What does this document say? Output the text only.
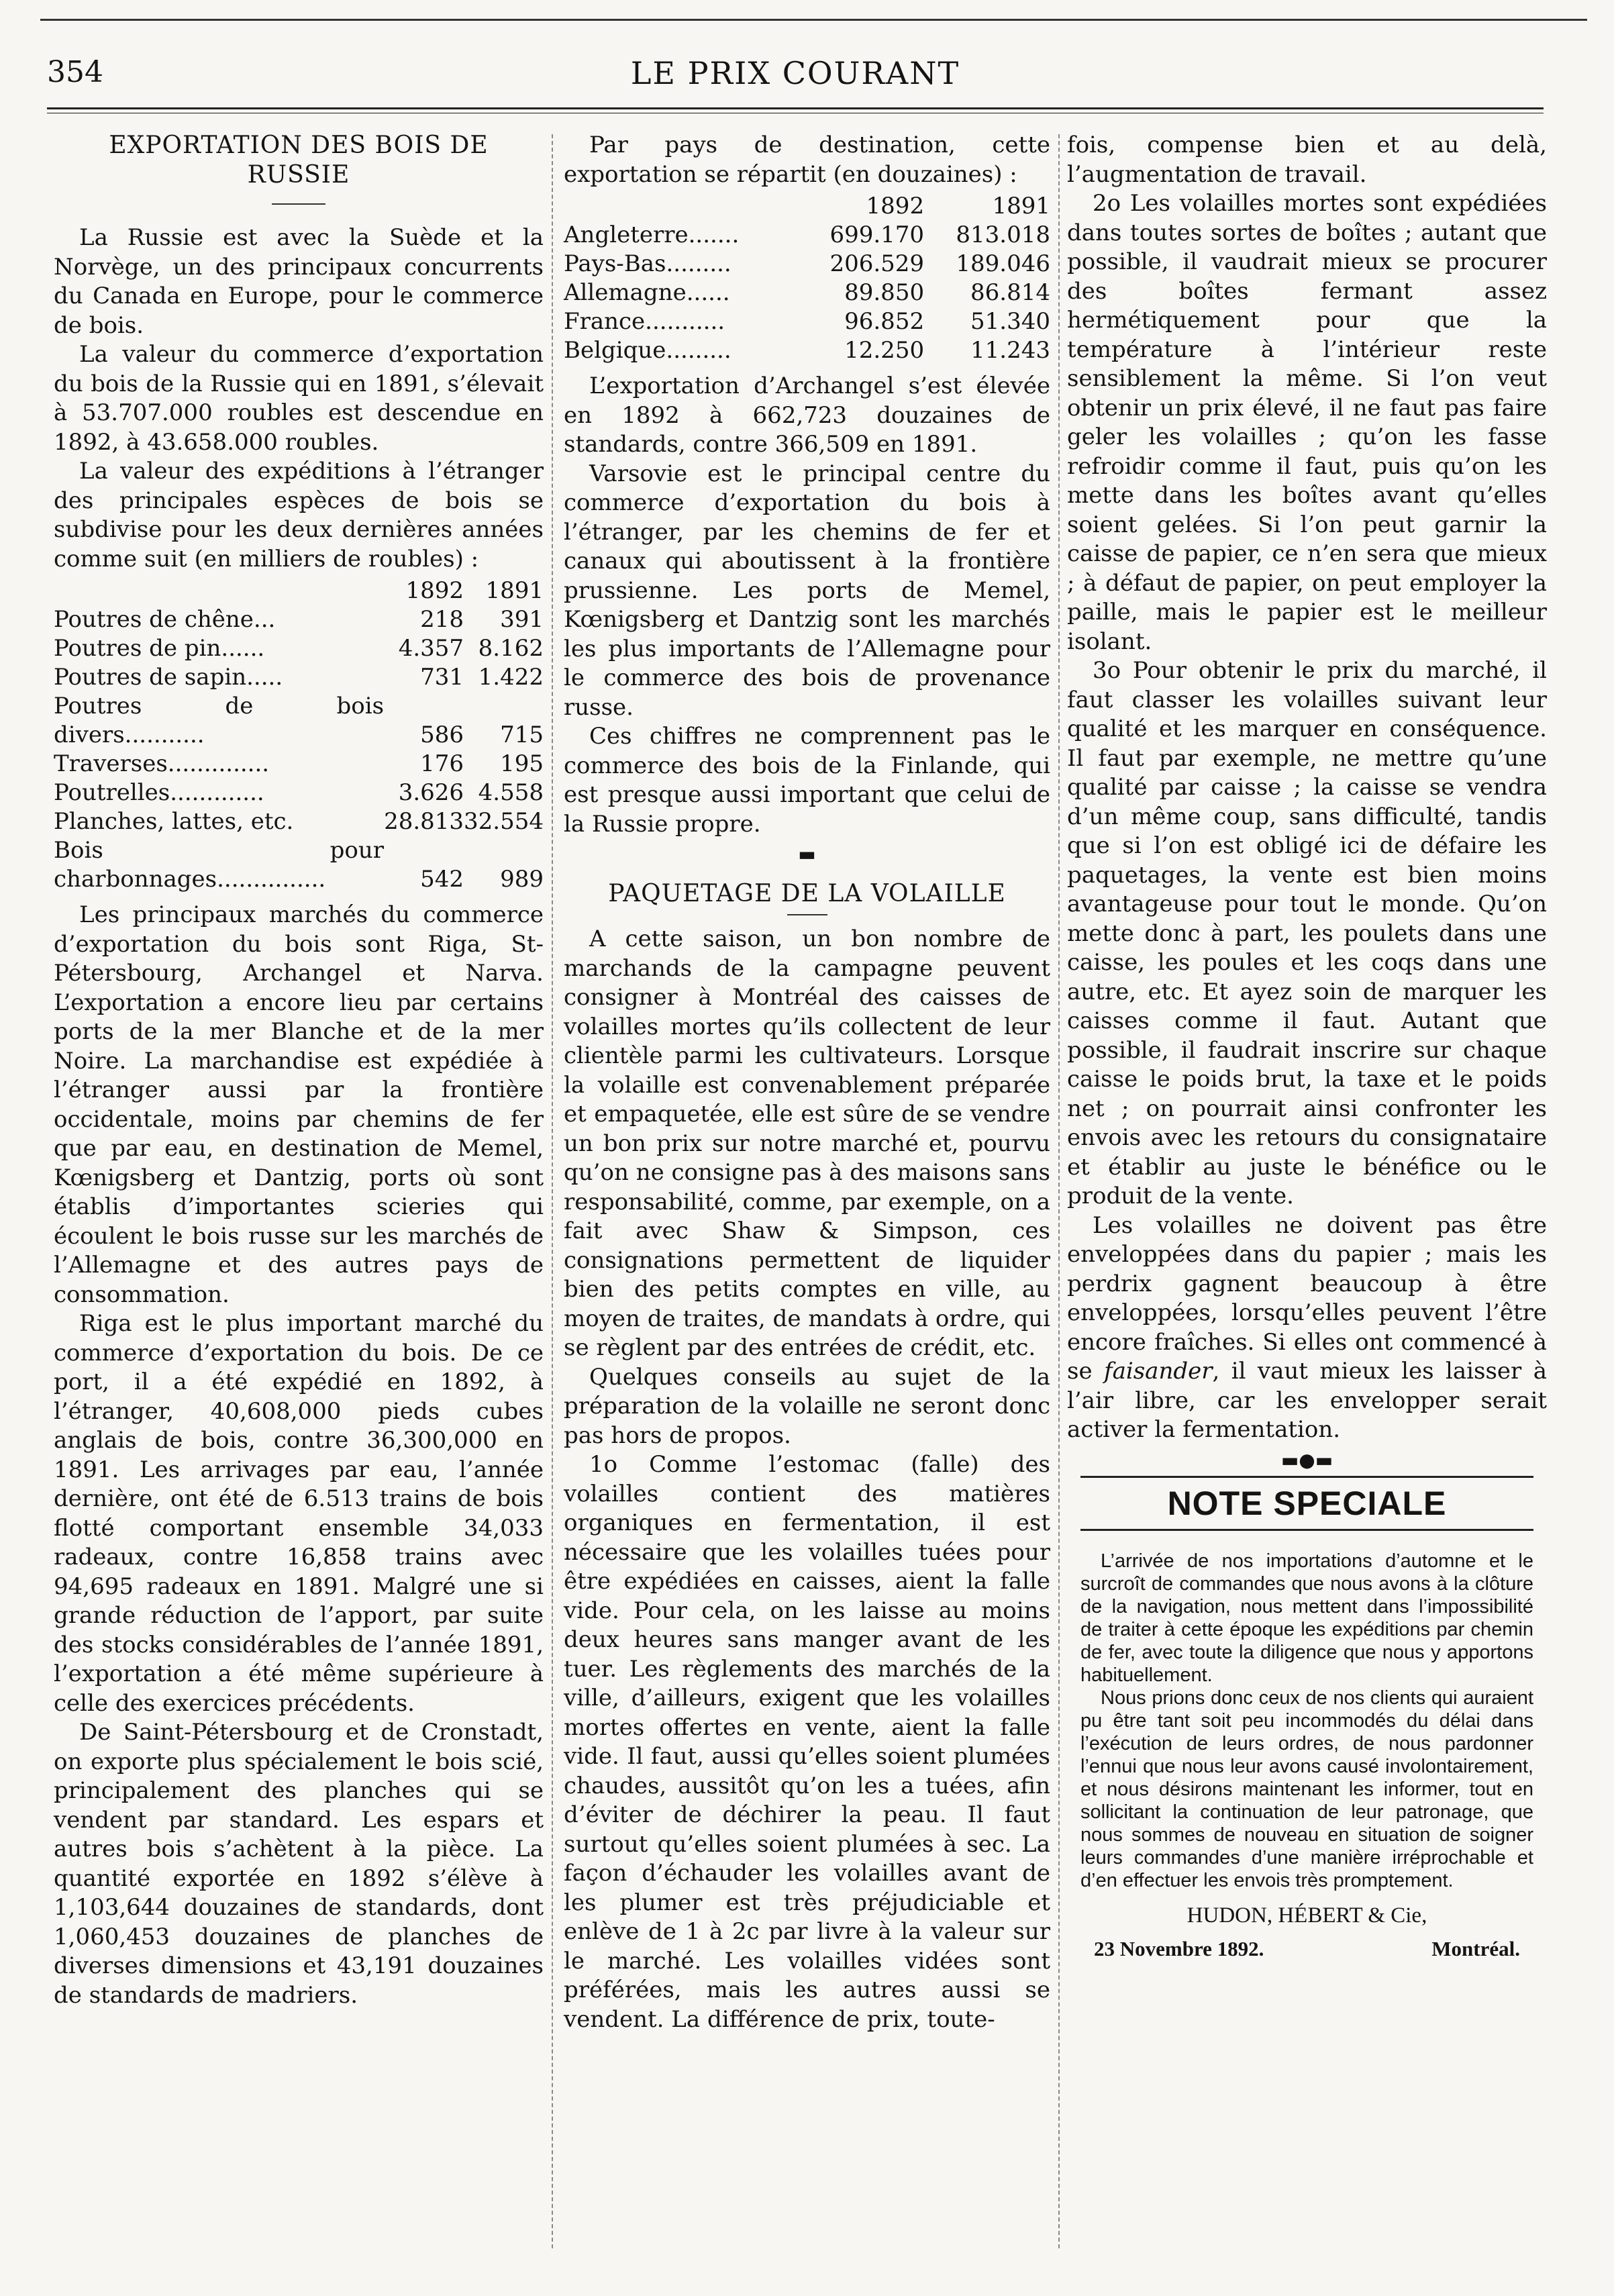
354	LE PRIX COURANT
EXPORTATION DES BOIS DE
RUSSIE

La Russie est avec la Suède et la Norvège, un des principaux concurrents du Canada en Europe, pour le commerce de bois.

La valeur du commerce d’exportation du bois de la Russie qui en 1891, s’élevait à 53.707.000 roubles est descendue en 1892, à 43.658.000 roubles.

La valeur des expéditions à l’étranger des principales espèces de bois se subdivise pour les deux dernières années comme suit (en milliers de roubles) :

	1892	1891
Poutres de chêne...	218	391
Poutres de pin......	4.357	8.162
Poutres de sapin.....	731	1.422
Poutres de bois divers...........	586	715
Traverses..............	176	195
Poutrelles.............	3.626	4.558
Planches, lattes, etc.	28.813	32.554
Bois pour charbonnages...............	542	989

Les principaux marchés du commerce d’exportation du bois sont Riga, St-Pétersbourg, Archangel et Narva. L’exportation a encore lieu par certains ports de la mer Blanche et de la mer Noire. La marchandise est expédiée à l’étranger aussi par la frontière occidentale, moins par chemins de fer que par eau, en destination de Memel, Kœnigsberg et Dantzig, ports où sont établis d’importantes scieries qui écoulent le bois russe sur les marchés de l’Allemagne et des autres pays de consommation.

Riga est le plus important marché du commerce d’exportation du bois. De ce port, il a été expédié en 1892, à l’étranger, 40,608,000 pieds cubes anglais de bois, contre 36,300,000 en 1891. Les arrivages par eau, l’année dernière, ont été de 6.513 trains de bois flotté comportant ensemble 34,033 radeaux, contre 16,858 trains avec 94,695 radeaux en 1891. Malgré une si grande réduction de l’apport, par suite des stocks considérables de l’année 1891, l’exportation a été même supérieure à celle des exercices précédents.

De Saint-Pétersbourg et de Cronstadt, on exporte plus spécialement le bois scié, principalement des planches qui se vendent par standard. Les espars et autres bois s’achètent à la pièce. La quantité exportée en 1892 s’élève à 1,103,644 douzaines de standards, dont 1,060,453 douzaines de planches de diverses dimensions et 43,191 douzaines de standards de madriers.

Par pays de destination, cette exportation se répartit (en douzaines) :

	1892	1891
Angleterre.......	699.170	813.018
Pays-Bas.........	206.529	189.046
Allemagne......	89.850	86.814
France...........	96.852	51.340
Belgique.........	12.250	11.243

L’exportation d’Archangel s’est élevée en 1892 à 662,723 douzaines de standards, contre 366,509 en 1891.

Varsovie est le principal centre du commerce d’exportation du bois à l’étranger, par les chemins de fer et canaux qui aboutissent à la frontière prussienne. Les ports de Memel, Kœnigsberg et Dantzig sont les marchés les plus importants de l’Allemagne pour le commerce des bois de provenance russe.

Ces chiffres ne comprennent pas le commerce des bois de la Finlande, qui est presque aussi important que celui de la Russie propre.

▬
PAQUETAGE DE LA VOLAILLE

A cette saison, un bon nombre de marchands de la campagne peuvent consigner à Montréal des caisses de volailles mortes qu’ils collectent de leur clientèle parmi les cultivateurs. Lorsque la volaille est convenablement préparée et empaquetée, elle est sûre de se vendre un bon prix sur notre marché et, pourvu qu’on ne consigne pas à des maisons sans responsabilité, comme, par exemple, on a fait avec Shaw & Simpson, ces consignations permettent de liquider bien des petits comptes en ville, au moyen de traites, de mandats à ordre, qui se règlent par des entrées de crédit, etc.

Quelques conseils au sujet de la préparation de la volaille ne seront donc pas hors de propos.

1o Comme l’estomac (falle) des volailles contient des matières organiques en fermentation, il est nécessaire que les volailles tuées pour être expédiées en caisses, aient la falle vide. Pour cela, on les laisse au moins deux heures sans manger avant de les tuer. Les règlements des marchés de la ville, d’ailleurs, exigent que les volailles mortes offertes en vente, aient la falle vide. Il faut, aussi qu’elles soient plumées chaudes, aussitôt qu’on les a tuées, afin d’éviter de déchirer la peau. Il faut surtout qu’elles soient plumées à sec. La façon d’échauder les volailles avant de les plumer est très préjudiciable et enlève de 1 à 2c par livre à la valeur sur le marché. Les volailles vidées sont préférées, mais les autres aussi se vendent. La différence de prix, toute-

fois, compense bien et au delà, l’augmentation de travail.

2o Les volailles mortes sont expédiées dans toutes sortes de boîtes ; autant que possible, il vaudrait mieux se procurer des boîtes fermant assez hermétiquement pour que la température à l’intérieur reste sensiblement la même. Si l’on veut obtenir un prix élevé, il ne faut pas faire geler les volailles ; qu’on les fasse refroidir comme il faut, puis qu’on les mette dans les boîtes avant qu’elles soient gelées. Si l’on peut garnir la caisse de papier, ce n’en sera que mieux ; à défaut de papier, on peut employer la paille, mais le papier est le meilleur isolant.

3o Pour obtenir le prix du marché, il faut classer les volailles suivant leur qualité et les marquer en conséquence. Il faut par exemple, ne mettre qu’une qualité par caisse ; la caisse se vendra d’un même coup, sans difficulté, tandis que si l’on est obligé ici de défaire les paquetages, la vente est bien moins avantageuse pour tout le monde. Qu’on mette donc à part, les poulets dans une caisse, les poules et les coqs dans une autre, etc. Et ayez soin de marquer les caisses comme il faut. Autant que possible, il faudrait inscrire sur chaque caisse le poids brut, la taxe et le poids net ; on pourrait ainsi confronter les envois avec les retours du consignataire et établir au juste le bénéfice ou le produit de la vente.

Les volailles ne doivent pas être enveloppées dans du papier ; mais les perdrix gagnent beaucoup à être enveloppées, lorsqu’elles peuvent l’être encore fraîches. Si elles ont commencé à se faisander, il vaut mieux les laisser à l’air libre, car les envelopper serait activer la fermentation.

▬●▬
NOTE SPECIALE

L’arrivée de nos importations d’automne et le surcroît de commandes que nous avons à la clôture de la navigation, nous mettent dans l’impossibilité de traiter à cette époque les expéditions par chemin de fer, avec toute la diligence que nous y apportons habituellement.

Nous prions donc ceux de nos clients qui auraient pu être tant soit peu incommodés du délai dans l’exécution de leurs ordres, de nous pardonner l’ennui que nous leur avons causé involontairement, et nous désirons maintenant les informer, tout en sollicitant la continuation de leur patronage, que nous sommes de nouveau en situation de soigner leurs commandes d’une manière irréprochable et d’en effectuer les envois très promptement.

HUDON, HÉBERT & Cie,
23 Novembre 1892.	Montréal.
